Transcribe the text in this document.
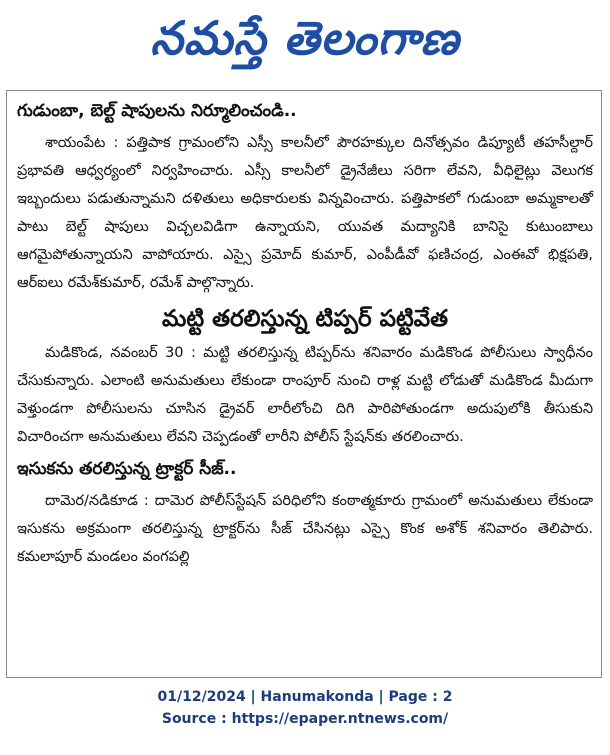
నమస్తే తెలంగాణ

గుడుంబా, బెల్ట్ షాపులను నిర్మూలించండి..

శాయంపేట : పత్తిపాక గ్రామంలోని ఎస్సీ కాలనీలో పౌరహక్కుల దినోత్సవం డిప్యూటీ తహసీల్దార్ ప్రభావతి ఆధ్వర్యంలో నిర్వహించారు. ఎస్సీ కాలనీలో డ్రైనేజీలు సరిగా లేవని, వీధిలైట్లు వెలుగక ఇబ్బందులు పడుతున్నామని దళితులు అధికారులకు విన్నవించారు. పత్తిపాకలో గుడుంబా అమ్మకాలతో పాటు బెల్ట్ షాపులు విచ్చలవిడిగా ఉన్నాయని, యువత మద్యానికి బానిసై కుటుంబాలు ఆగమైపోతున్నాయని వాపోయారు. ఎస్సై ప్రమోద్ కుమార్, ఎంపీడీవో ఫణిచంద్ర, ఎంఈవో భిక్షపతి, ఆర్ఐలు రమేశ్‌కుమార్, రమేశ్ పాల్గొన్నారు.

మట్టి తరలిస్తున్న టిప్పర్ పట్టివేత

మడికొండ, నవంబర్ 30 : మట్టి తరలిస్తున్న టిప్పర్‌ను శనివారం మడికొండ పోలీసులు స్వాధీనం చేసుకున్నారు. ఎలాంటి అనుమతులు లేకుండా రాంపూర్ నుంచి రాళ్ల మట్టి లోడుతో మడికొండ మీదుగా వెళ్తుండగా పోలీసులను చూసిన డ్రైవర్ లారీలోంచి దిగి పారిపోతుండగా అదుపులోకి తీసుకుని విచారించగా అనుమతులు లేవని చెప్పడంతో లారీని పోలీస్ స్టేషన్‌కు తరలించారు.

ఇసుకను తరలిస్తున్న ట్రాక్టర్ సీజ్..

దామెర/నడికూడ : దామెర పోలీస్‌స్టేషన్ పరిధిలోని కంఠాత్మకూరు గ్రామంలో అనుమతులు లేకుండా ఇసుకను అక్రమంగా తరలిస్తున్న ట్రాక్టర్‌ను సీజ్ చేసినట్లు ఎస్సై కొంక అశోక్ శనివారం తెలిపారు. కమలాపూర్ మండలం వంగపల్లి

01/12/2024 | Hanumakonda | Page : 2
Source : https://epaper.ntnews.com/
